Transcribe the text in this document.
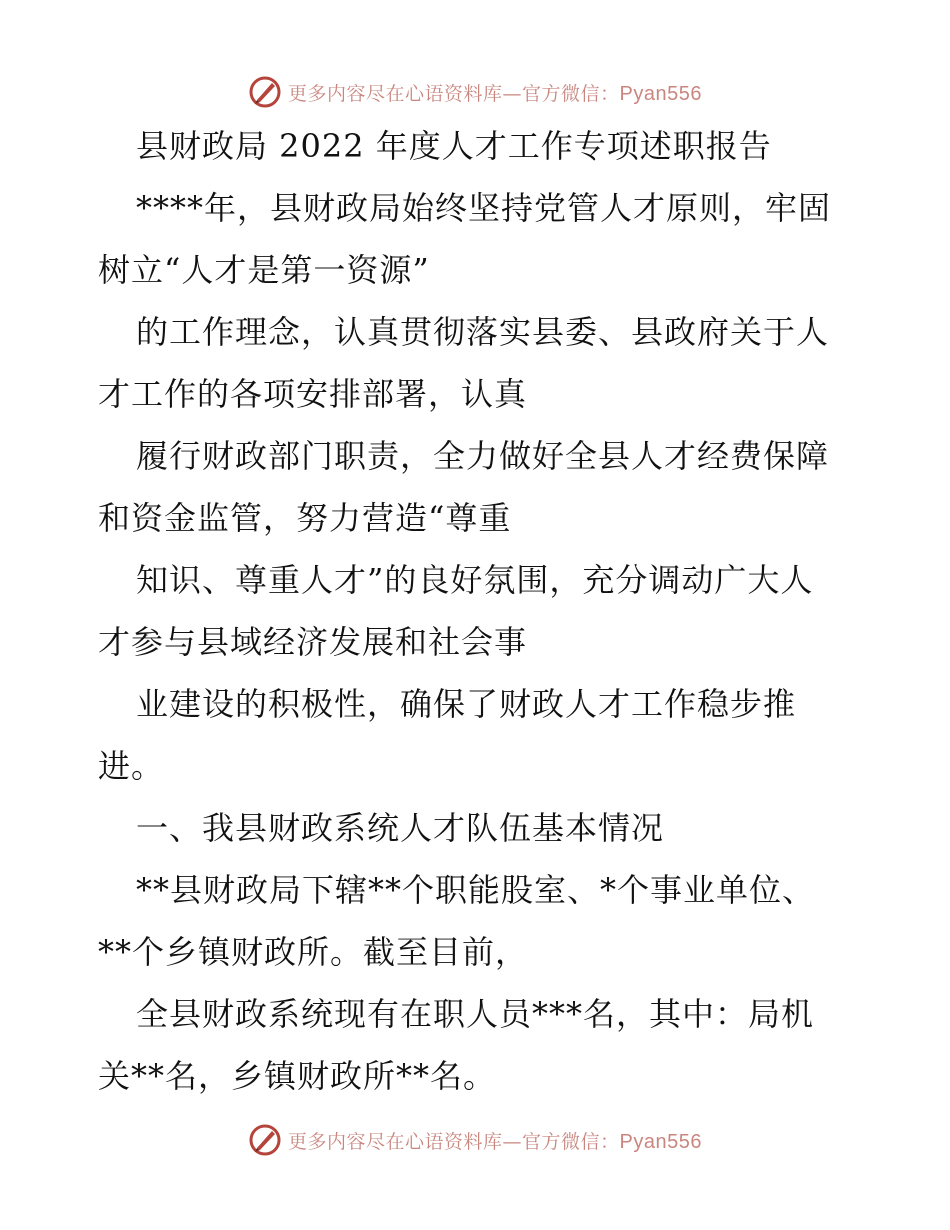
更多内容尽在心语资料库—官方微信：Pyan556

县财政局 2022 年度人才工作专项述职报告

****年，县财政局始终坚持党管人才原则，牢固

树立“人才是第一资源”

的工作理念，认真贯彻落实县委、县政府关于人

才工作的各项安排部署，认真

履行财政部门职责，全力做好全县人才经费保障

和资金监管，努力营造“尊重

知识、尊重人才”的良好氛围，充分调动广大人

才参与县域经济发展和社会事

业建设的积极性，确保了财政人才工作稳步推

进。

一、我县财政系统人才队伍基本情况

**县财政局下辖**个职能股室、*个事业单位、

**个乡镇财政所。截至目前，

全县财政系统现有在职人员***名，其中：局机

关**名，乡镇财政所**名。

更多内容尽在心语资料库—官方微信：Pyan556
